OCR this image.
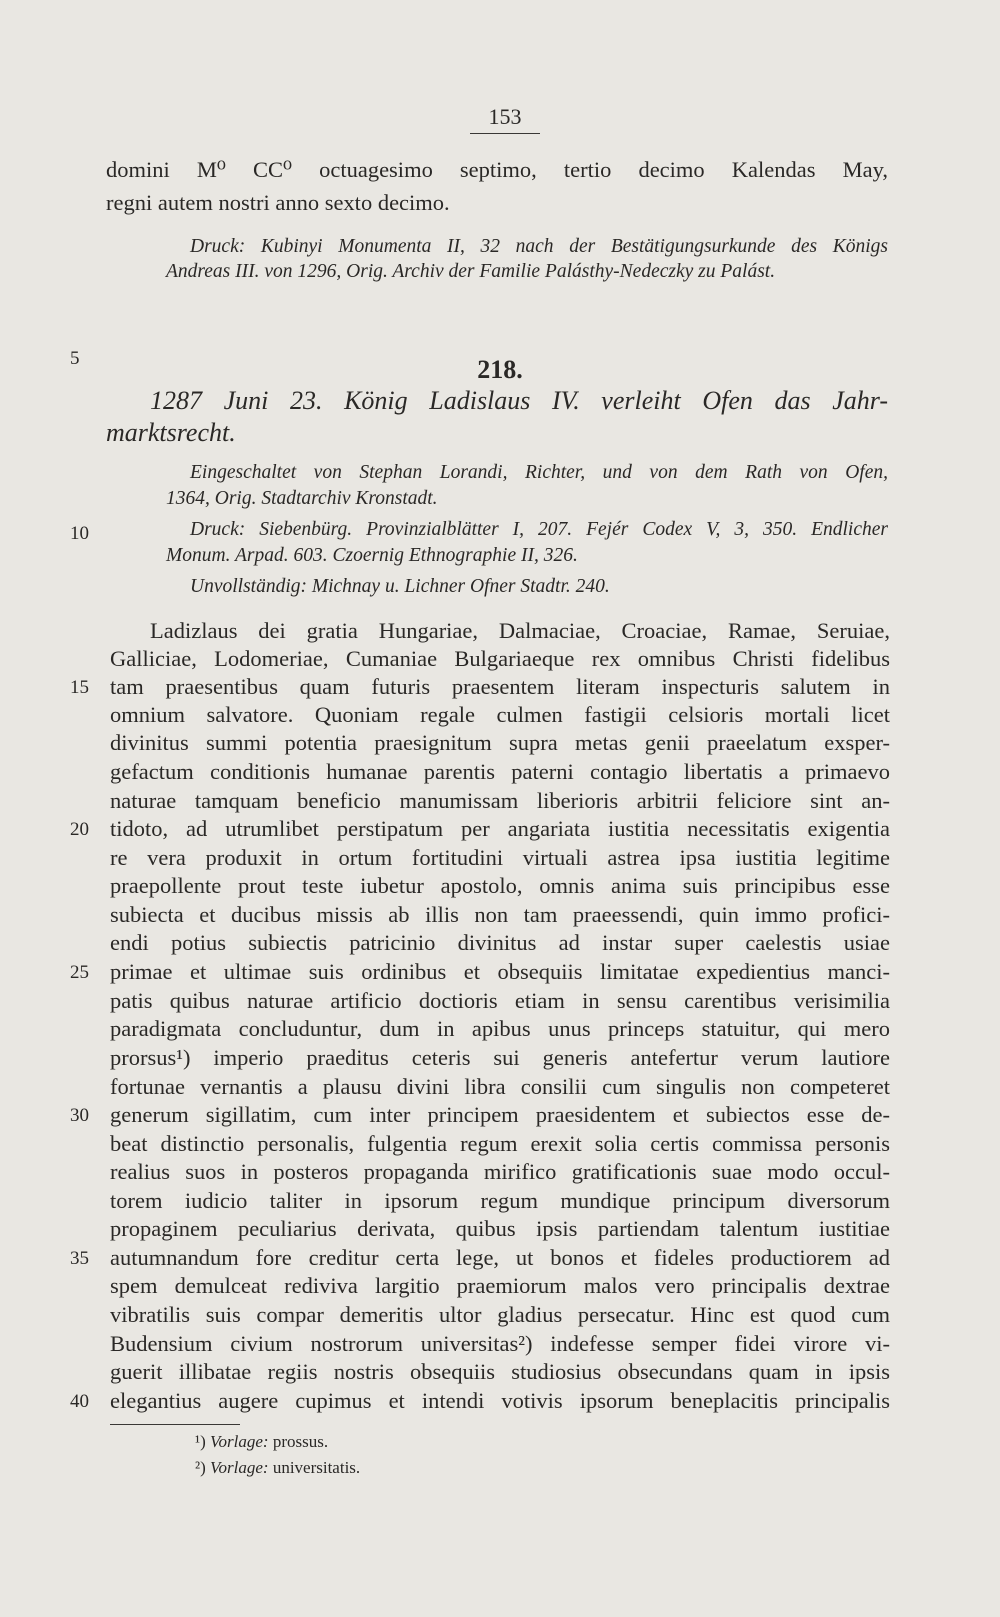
153
domini M⁰ CC⁰ octuagesimo septimo, tertio decimo Kalendas May,
regni autem nostri anno sexto decimo.
Druck: Kubinyi Monumenta II, 32 nach der Bestätigungsurkunde des Königs
Andreas III. von 1296, Orig. Archiv der Familie Palásthy-Nedeczky zu Palást.
5	218.
1287 Juni 23. König Ladislaus IV. verleiht Ofen das Jahr-
marktsrecht.
Eingeschaltet von Stephan Lorandi, Richter, und von dem Rath von Ofen,
1364, Orig. Stadtarchiv Kronstadt.
10	Druck: Siebenbürg. Provinzialblätter I, 207. Fejér Codex V, 3, 350. Endlicher
Monum. Arpad. 603. Czoernig Ethnographie II, 326.
Unvollständig: Michnay u. Lichner Ofner Stadtr. 240.
Ladizlaus dei gratia Hungariae, Dalmaciae, Croaciae, Ramae, Seruiae,
Galliciae, Lodomeriae, Cumaniae Bulgariaeque rex omnibus Christi fidelibus
15 tam praesentibus quam futuris praesentem literam inspecturis salutem in
omnium salvatore. Quoniam regale culmen fastigii celsioris mortali licet
divinitus summi potentia praesignitum supra metas genii praeelatum exsper-
gefactum conditionis humanae parentis paterni contagio libertatis a primaevo
naturae tamquam beneficio manumissam liberioris arbitrii feliciore sint an-
20 tidoto, ad utrumlibet perstipatum per angariata iustitia necessitatis exigentia
re vera produxit in ortum fortitudini virtuali astrea ipsa iustitia legitime
praepollente prout teste iubetur apostolo, omnis anima suis principibus esse
subiecta et ducibus missis ab illis non tam praeessendi, quin immo profici-
endi potius subiectis patricinio divinitus ad instar super caelestis usiae
25 primae et ultimae suis ordinibus et obsequiis limitatae expedientius manci-
patis quibus naturae artificio doctioris etiam in sensu carentibus verisimilia
paradigmata concluduntur, dum in apibus unus princeps statuitur, qui mero
prorsus¹) imperio praeditus ceteris sui generis antefertur verum lautiore
fortunae vernantis a plausu divini libra consilii cum singulis non competeret
30 generum sigillatim, cum inter principem praesidentem et subiectos esse de-
beat distinctio personalis, fulgentia regum erexit solia certis commissa personis
realius suos in posteros propaganda mirifico gratificationis suae modo occul-
torem iudicio taliter in ipsorum regum mundique principum diversorum
propaginem peculiarius derivata, quibus ipsis partiendam talentum iustitiae
35 autumnandum fore creditur certa lege, ut bonos et fideles productiorem ad
spem demulceat rediviva largitio praemiorum malos vero principalis dextrae
vibratilis suis compar demeritis ultor gladius persecatur. Hinc est quod cum
Budensium civium nostrorum universitas²) indefesse semper fidei virore vi-
guerit illibatae regiis nostris obsequiis studiosius obsecundans quam in ipsis
40 elegantius augere cupimus et intendi votivis ipsorum beneplacitis principalis
¹) Vorlage: prossus.
²) Vorlage: universitatis.
